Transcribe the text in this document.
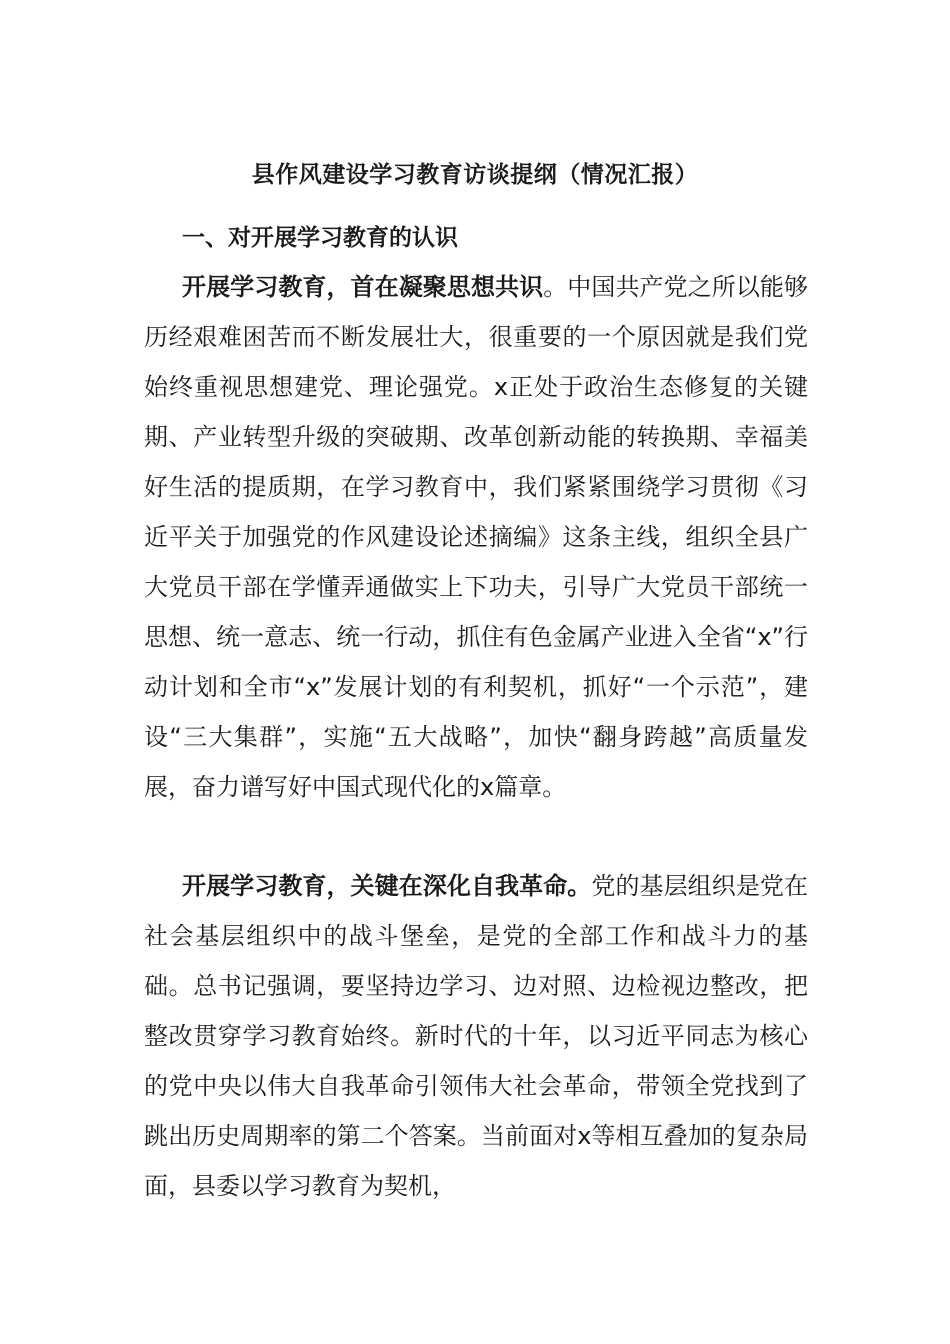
县作风建设学习教育访谈提纲（情况汇报）
一、对开展学习教育的认识

开展学习教育，首在凝聚思想共识。中国共产党之所以能够历经艰难困苦而不断发展壮大，很重要的一个原因就是我们党始终重视思想建党、理论强党。x正处于政治生态修复的关键期、产业转型升级的突破期、改革创新动能的转换期、幸福美好生活的提质期，在学习教育中，我们紧紧围绕学习贯彻《习近平关于加强党的作风建设论述摘编》这条主线，组织全县广大党员干部在学懂弄通做实上下功夫，引导广大党员干部统一思想、统一意志、统一行动，抓住有色金属产业进入全省“x”行动计划和全市“x”发展计划的有利契机，抓好“一个示范”，建设“三大集群”，实施“五大战略”，加快“翻身跨越”高质量发展，奋力谱写好中国式现代化的x篇章。

开展学习教育，关键在深化自我革命。党的基层组织是党在社会基层组织中的战斗堡垒，是党的全部工作和战斗力的基础。总书记强调，要坚持边学习、边对照、边检视边整改，把整改贯穿学习教育始终。新时代的十年，以习近平同志为核心的党中央以伟大自我革命引领伟大社会革命，带领全党找到了跳出历史周期率的第二个答案。当前面对x等相互叠加的复杂局面，县委以学习教育为契机，
